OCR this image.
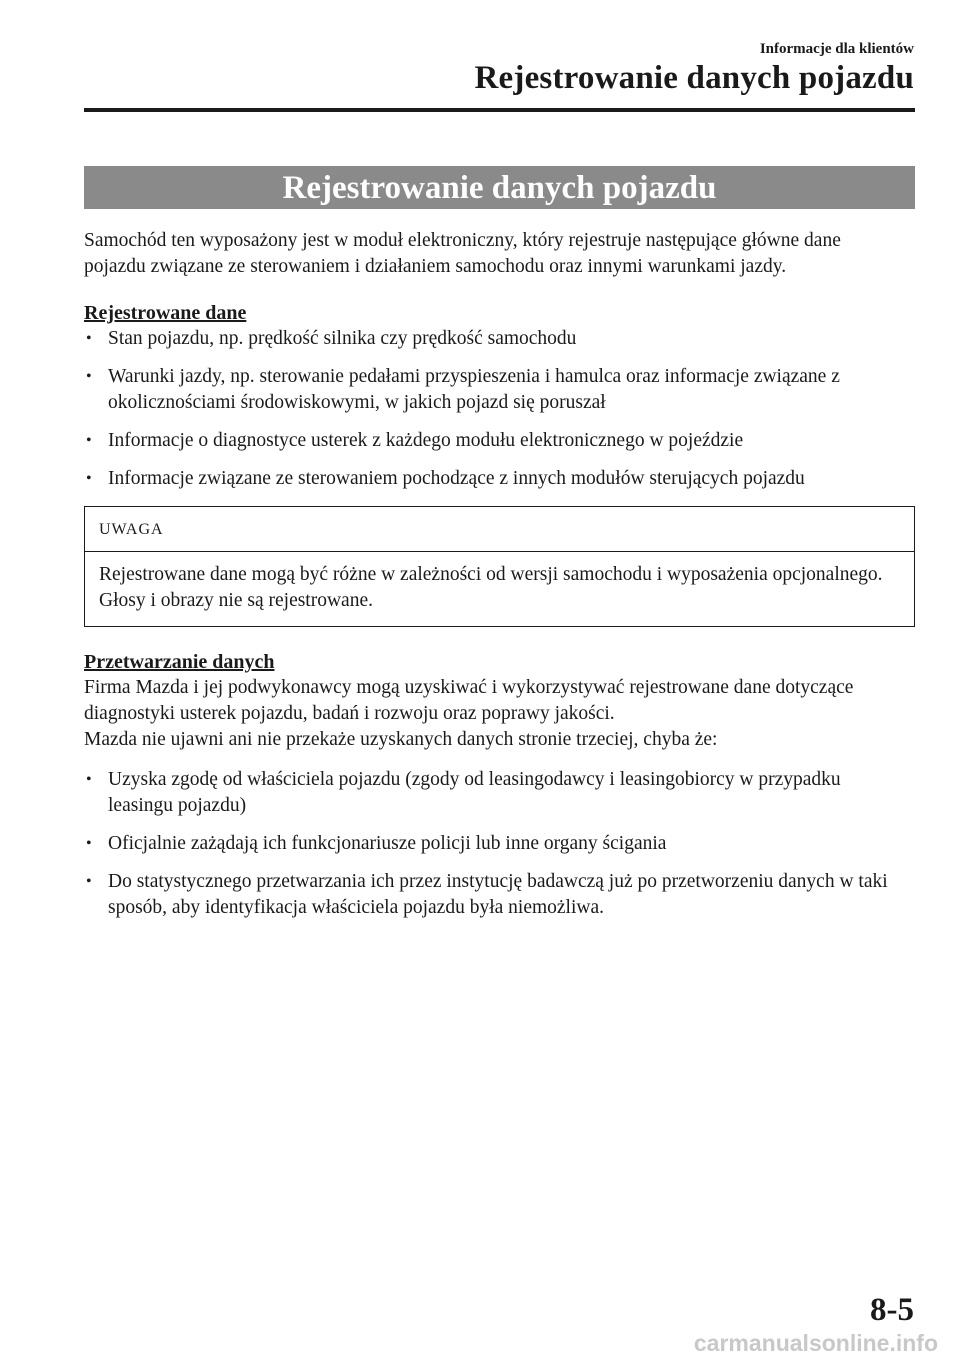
Informacje dla klientów
Rejestrowanie danych pojazdu
Rejestrowanie danych pojazdu

Samochód ten wyposażony jest w moduł elektroniczny, który rejestruje następujące główne dane pojazdu związane ze sterowaniem i działaniem samochodu oraz innymi warunkami jazdy.

Rejestrowane dane

• Stan pojazdu, np. prędkość silnika czy prędkość samochodu
• Warunki jazdy, np. sterowanie pedałami przyspieszenia i hamulca oraz informacje związane z okolicznościami środowiskowymi, w jakich pojazd się poruszał
• Informacje o diagnostyce usterek z każdego modułu elektronicznego w pojeździe
• Informacje związane ze sterowaniem pochodzące z innych modułów sterujących pojazdu
UWAGA
Rejestrowane dane mogą być różne w zależności od wersji samochodu i wyposażenia opcjonalnego. Głosy i obrazy nie są rejestrowane.

Przetwarzanie danych

Firma Mazda i jej podwykonawcy mogą uzyskiwać i wykorzystywać rejestrowane dane dotyczące diagnostyki usterek pojazdu, badań i rozwoju oraz poprawy jakości.

Mazda nie ujawni ani nie przekaże uzyskanych danych stronie trzeciej, chyba że:

• Uzyska zgodę od właściciela pojazdu (zgody od leasingodawcy i leasingobiorcy w przypadku leasingu pojazdu)
• Oficjalnie zażądają ich funkcjonariusze policji lub inne organy ścigania
• Do statystycznego przetwarzania ich przez instytucję badawczą już po przetworzeniu danych w taki sposób, aby identyfikacja właściciela pojazdu była niemożliwa.
8-5
carmanualsonline.info
